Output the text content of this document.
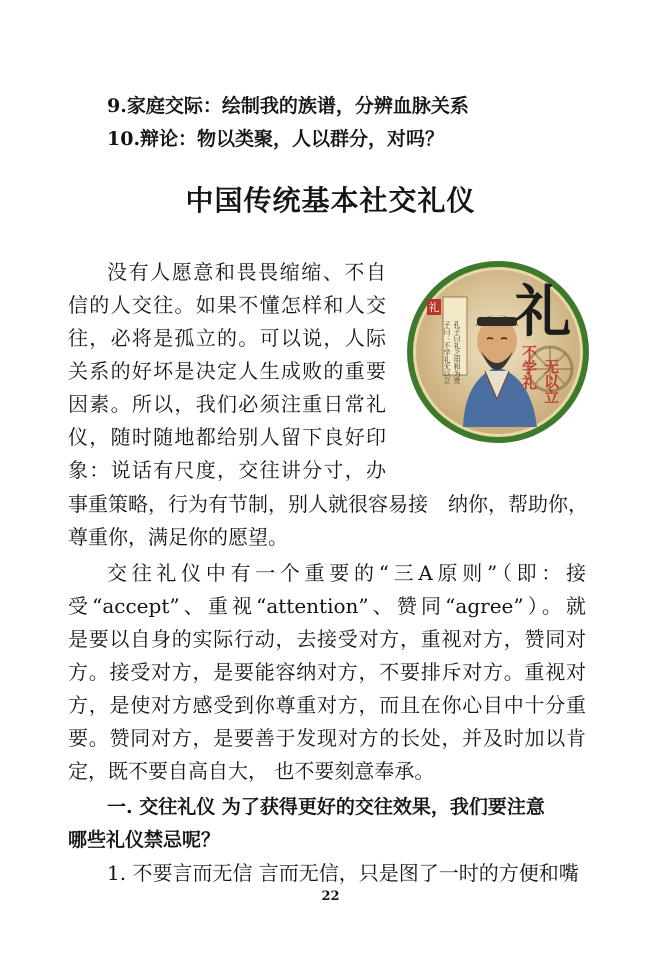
9.家庭交际：绘制我的族谱，分辨血脉关系
10.辩论：物以类聚，人以群分，对吗？
中国传统基本社交礼仪
没有人愿意和畏畏缩缩、不自
信的人交往。如果不懂怎样和人交
往，必将是孤立的。可以说，人际
关系的好坏是决定人生成败的重要
因素。所以，我们必须注重日常礼
仪，随时随地都给别人留下良好印
象：说话有尺度，交往讲分寸，办
事重策略，行为有节制，别人就很容易接　纳你，帮助你，
尊重你，满足你的愿望。
交往礼仪中有一个重要的“三A原则”（即：接
受“accept”、重视“attention”、赞同“agree”）。就
是要以自身的实际行动，去接受对方，重视对方，赞同对
方。接受对方，是要能容纳对方，不要排斥对方。重视对
方，是使对方感受到你尊重对方，而且在你心目中十分重
要。赞同对方，是要善于发现对方的长处，并及时加以肯
定，既不要自高自大， 也不要刻意奉承。
一. 交往礼仪 为了获得更好的交往效果，我们要注意
哪些礼仪禁忌呢？
1. 不要言而无信 言而无信，只是图了一时的方便和嘴
22
礼
子曰：不学礼无以立 孔子曰礼之用和为贵
礼
不学礼 无以立
